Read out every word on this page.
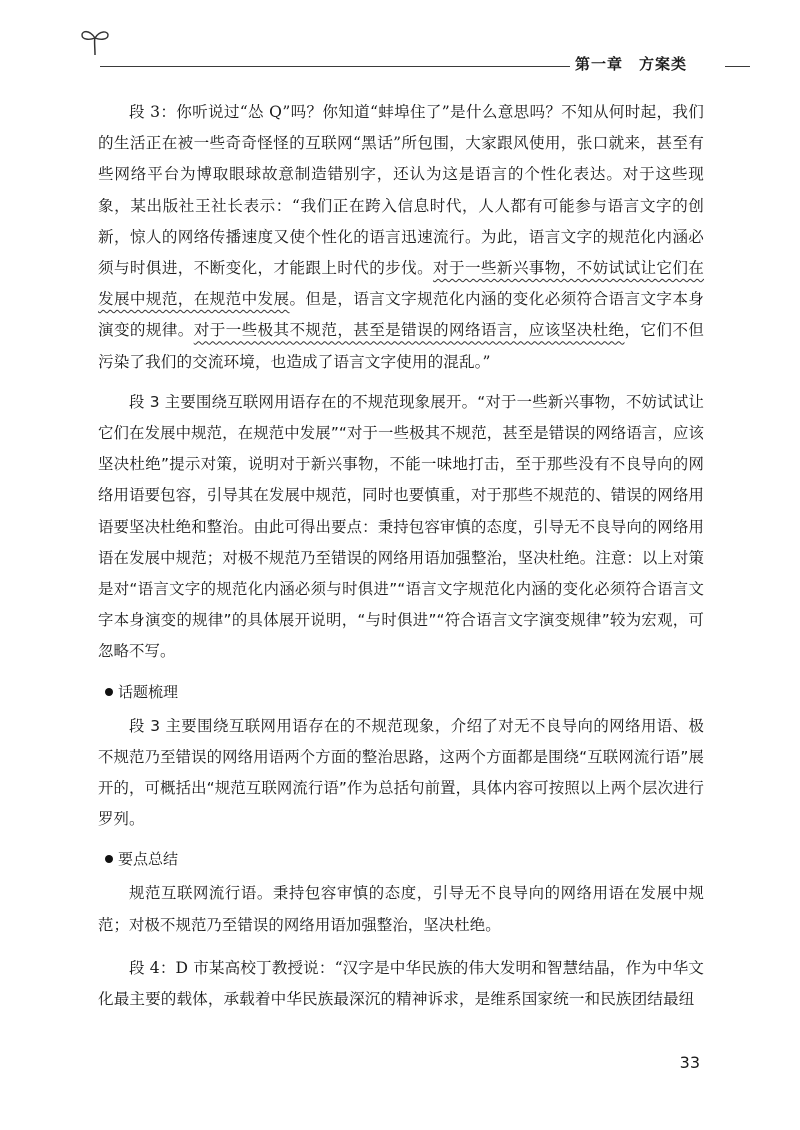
第一章　方案类

段 3：你听说过“怂 Q”吗？你知道“蚌埠住了”是什么意思吗？不知从何时起，我们的生活正在被一些奇奇怪怪的互联网“黑话”所包围，大家跟风使用，张口就来，甚至有些网络平台为博取眼球故意制造错别字，还认为这是语言的个性化表达。对于这些现象，某出版社王社长表示：“我们正在跨入信息时代，人人都有可能参与语言文字的创新，惊人的网络传播速度又使个性化的语言迅速流行。为此，语言文字的规范化内涵必须与时俱进，不断变化，才能跟上时代的步伐。对于一些新兴事物，不妨试试让它们在发展中规范，在规范中发展。但是，语言文字规范化内涵的变化必须符合语言文字本身演变的规律。对于一些极其不规范，甚至是错误的网络语言，应该坚决杜绝，它们不但污染了我们的交流环境，也造成了语言文字使用的混乱。”

段 3 主要围绕互联网用语存在的不规范现象展开。“对于一些新兴事物，不妨试试让它们在发展中规范，在规范中发展”“对于一些极其不规范，甚至是错误的网络语言，应该坚决杜绝”提示对策，说明对于新兴事物，不能一味地打击，至于那些没有不良导向的网络用语要包容，引导其在发展中规范，同时也要慎重，对于那些不规范的、错误的网络用语要坚决杜绝和整治。由此可得出要点：秉持包容审慎的态度，引导无不良导向的网络用语在发展中规范；对极不规范乃至错误的网络用语加强整治，坚决杜绝。注意：以上对策是对“语言文字的规范化内涵必须与时俱进”“语言文字规范化内涵的变化必须符合语言文字本身演变的规律”的具体展开说明，“与时俱进”“符合语言文字演变规律”较为宏观，可忽略不写。

话题梳理

段 3 主要围绕互联网用语存在的不规范现象，介绍了对无不良导向的网络用语、极不规范乃至错误的网络用语两个方面的整治思路，这两个方面都是围绕“互联网流行语”展开的，可概括出“规范互联网流行语”作为总括句前置，具体内容可按照以上两个层次进行罗列。

要点总结

规范互联网流行语。秉持包容审慎的态度，引导无不良导向的网络用语在发展中规范；对极不规范乃至错误的网络用语加强整治，坚决杜绝。

段 4：D 市某高校丁教授说：“汉字是中华民族的伟大发明和智慧结晶，作为中华文化最主要的载体，承载着中华民族最深沉的精神诉求，是维系国家统一和民族团结最纽

33
